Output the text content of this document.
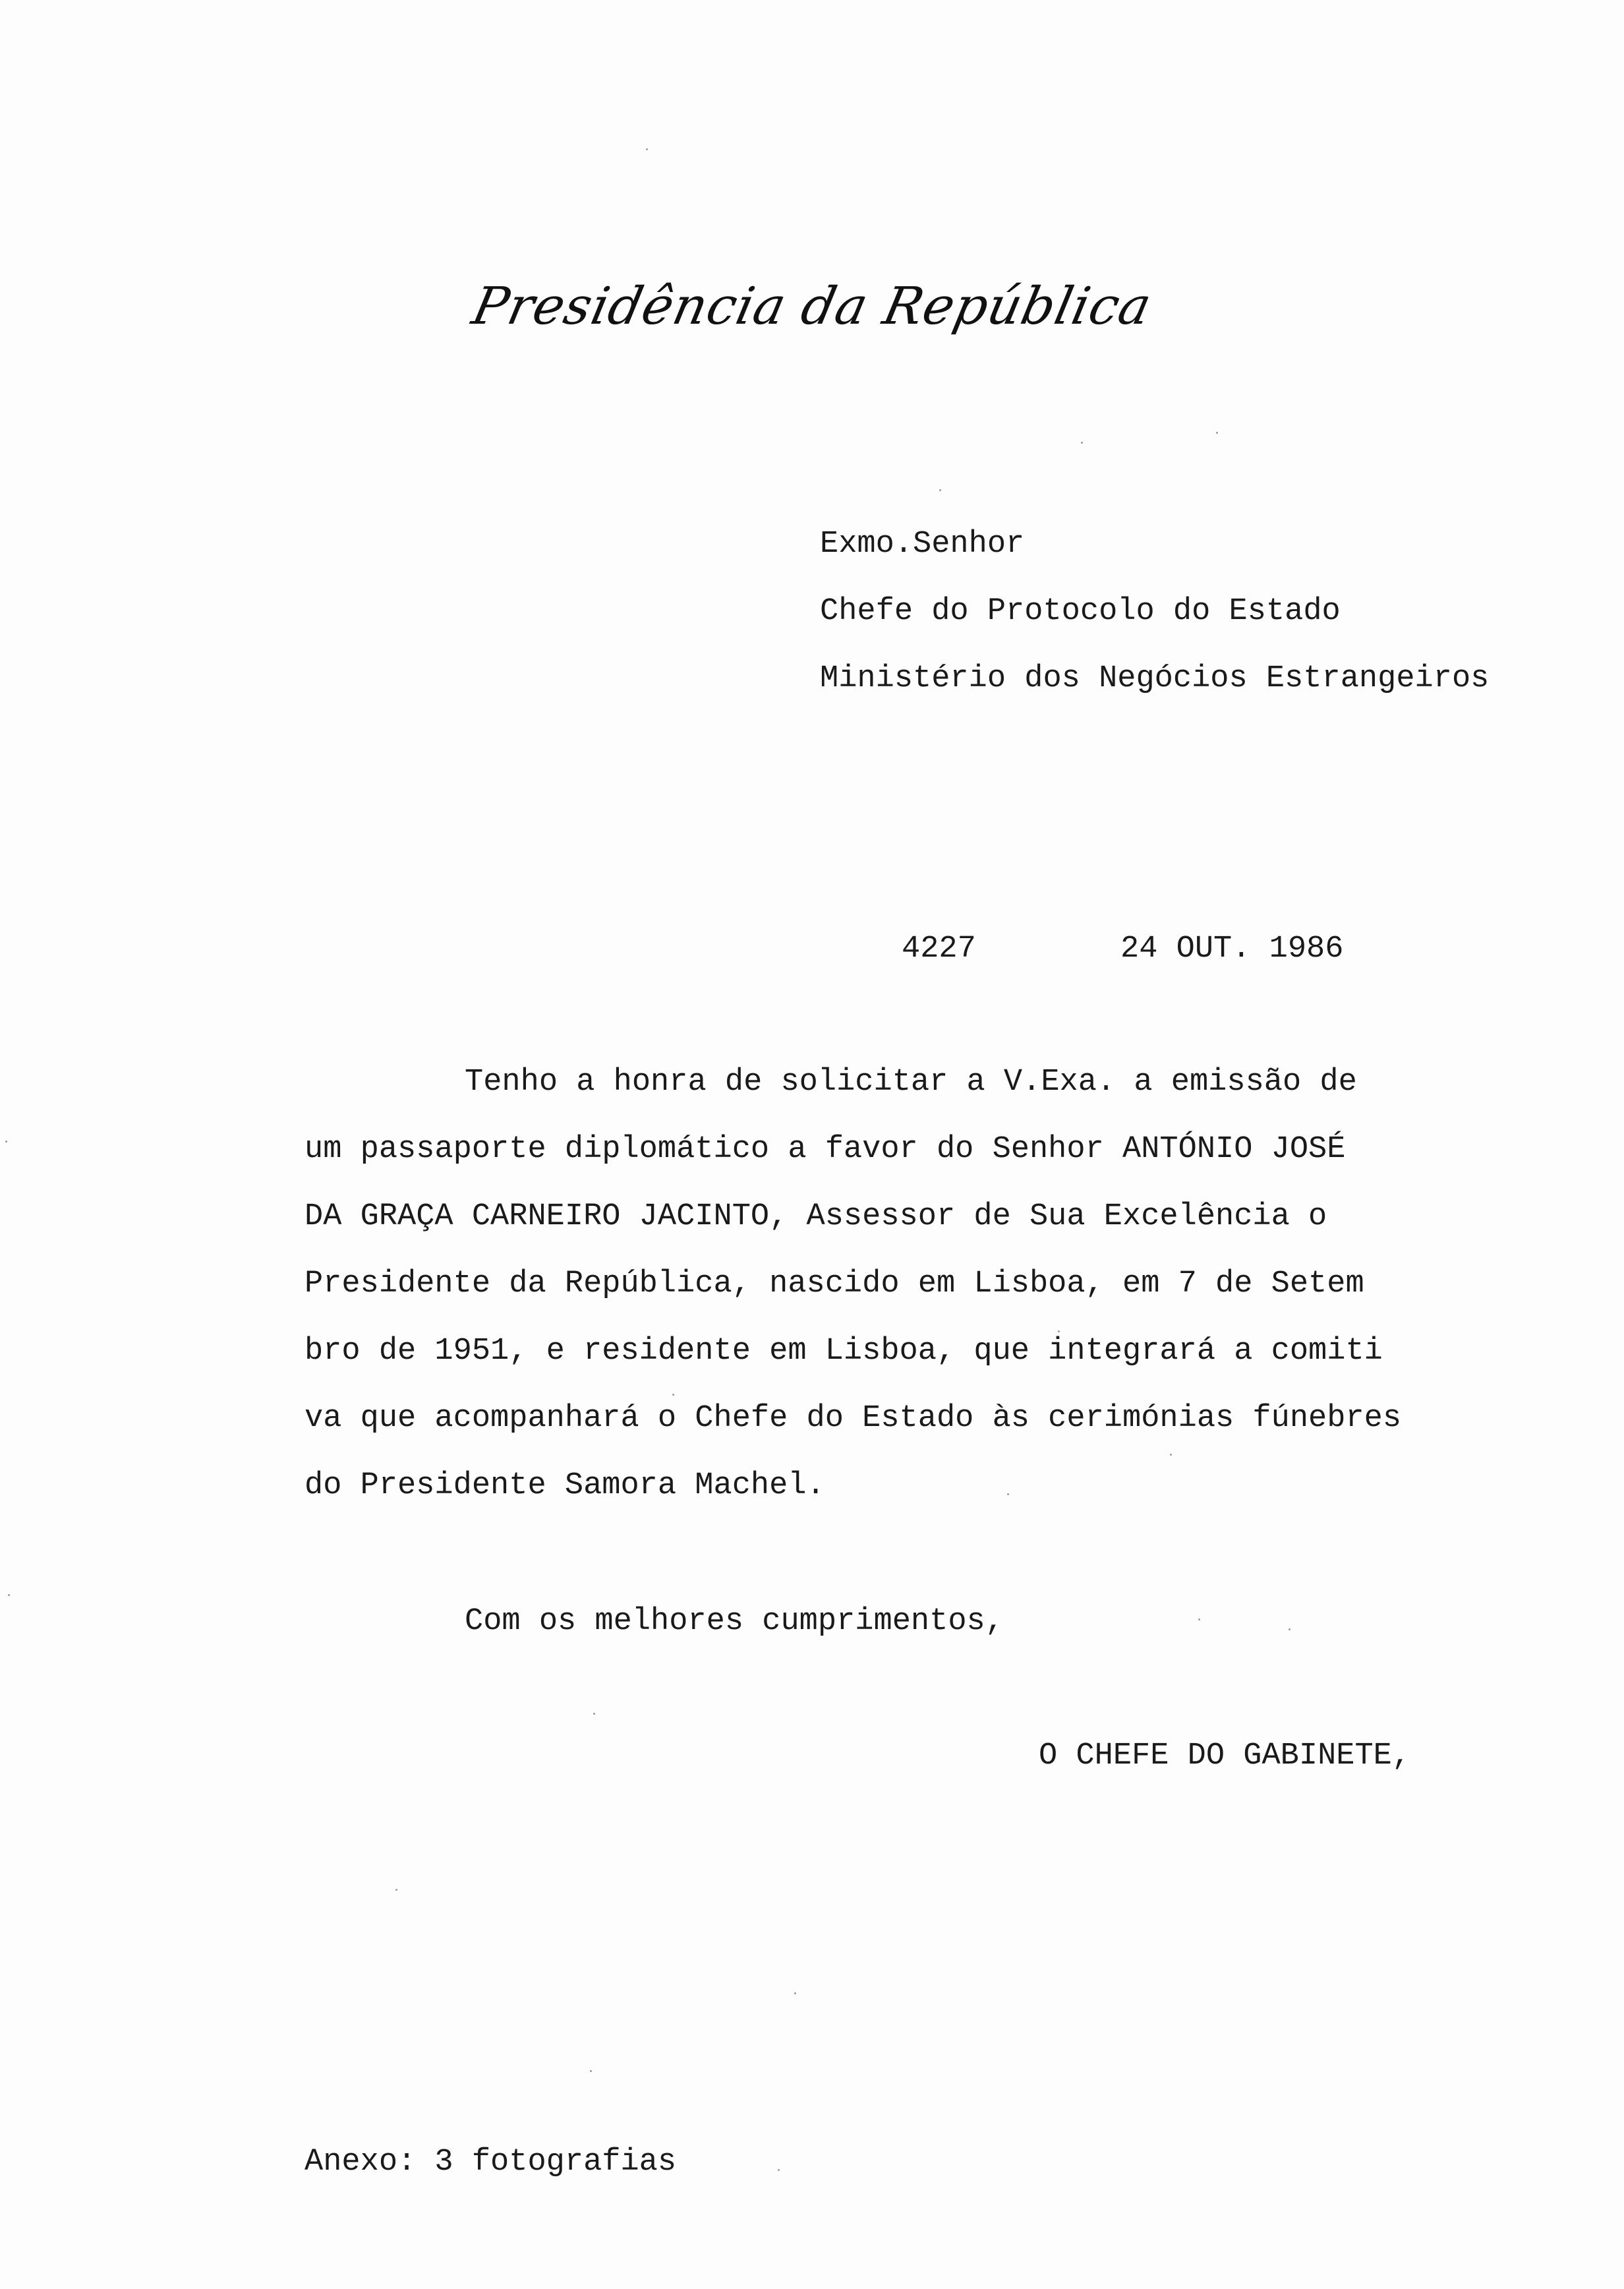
Presidência da República
Exmo.Senhor
Chefe do Protocolo do Estado
Ministério dos Negócios Estrangeiros
4227	24 OUT. 1986
Tenho a honra de solicitar a V.Exa. a emissão de
um passaporte diplomático a favor do Senhor ANTÓNIO JOSÉ
DA GRAÇA CARNEIRO JACINTO, Assessor de Sua Excelência o
Presidente da República, nascido em Lisboa, em 7 de Setem
bro de 1951, e residente em Lisboa, que integrará a comiti
va que acompanhará o Chefe do Estado às cerimónias fúnebres
do Presidente Samora Machel.
Com os melhores cumprimentos,
O CHEFE DO GABINETE,
Anexo: 3 fotografias
